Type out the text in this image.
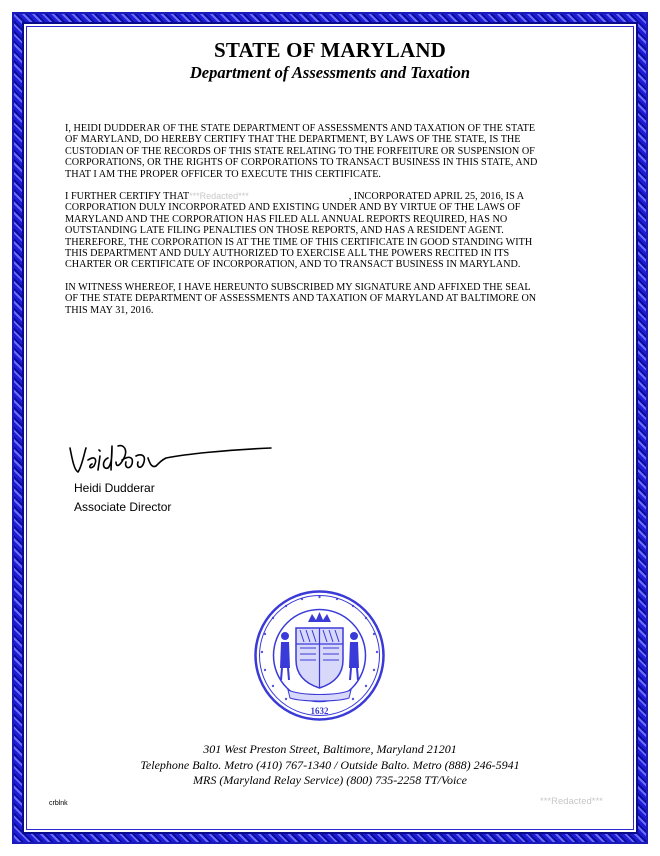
STATE OF MARYLAND
Department of Assessments and Taxation

I, HEIDI DUDDERAR OF THE STATE DEPARTMENT OF ASSESSMENTS AND TAXATION OF THE STATE OF MARYLAND, DO HEREBY CERTIFY THAT THE DEPARTMENT, BY LAWS OF THE STATE, IS THE CUSTODIAN OF THE RECORDS OF THIS STATE RELATING TO THE FORFEITURE OR SUSPENSION OF CORPORATIONS, OR THE RIGHTS OF CORPORATIONS TO TRANSACT BUSINESS IN THIS STATE, AND THAT I AM THE PROPER OFFICER TO EXECUTE THIS CERTIFICATE.

I FURTHER CERTIFY THAT***Redacted***	, INCORPORATED APRIL 25, 2016, IS A CORPORATION DULY INCORPORATED AND EXISTING UNDER AND BY VIRTUE OF THE LAWS OF MARYLAND AND THE CORPORATION HAS FILED ALL ANNUAL REPORTS REQUIRED, HAS NO OUTSTANDING LATE FILING PENALTIES ON THOSE REPORTS, AND HAS A RESIDENT AGENT. THEREFORE, THE CORPORATION IS AT THE TIME OF THIS CERTIFICATE IN GOOD STANDING WITH THIS DEPARTMENT AND DULY AUTHORIZED TO EXERCISE ALL THE POWERS RECITED IN ITS CHARTER OR CERTIFICATE OF INCORPORATION, AND TO TRANSACT BUSINESS IN MARYLAND.

IN WITNESS WHEREOF, I HAVE HEREUNTO SUBSCRIBED MY SIGNATURE AND AFFIXED THE SEAL OF THE STATE DEPARTMENT OF ASSESSMENTS AND TAXATION OF MARYLAND AT BALTIMORE ON THIS MAY 31, 2016.

Heidi Dudderar
Associate Director
1632
301 West Preston Street, Baltimore, Maryland 21201
Telephone Balto. Metro (410) 767-1340 / Outside Balto. Metro (888) 246-5941
MRS (Maryland Relay Service) (800) 735-2258 TT/Voice
crblnk	***Redacted***
